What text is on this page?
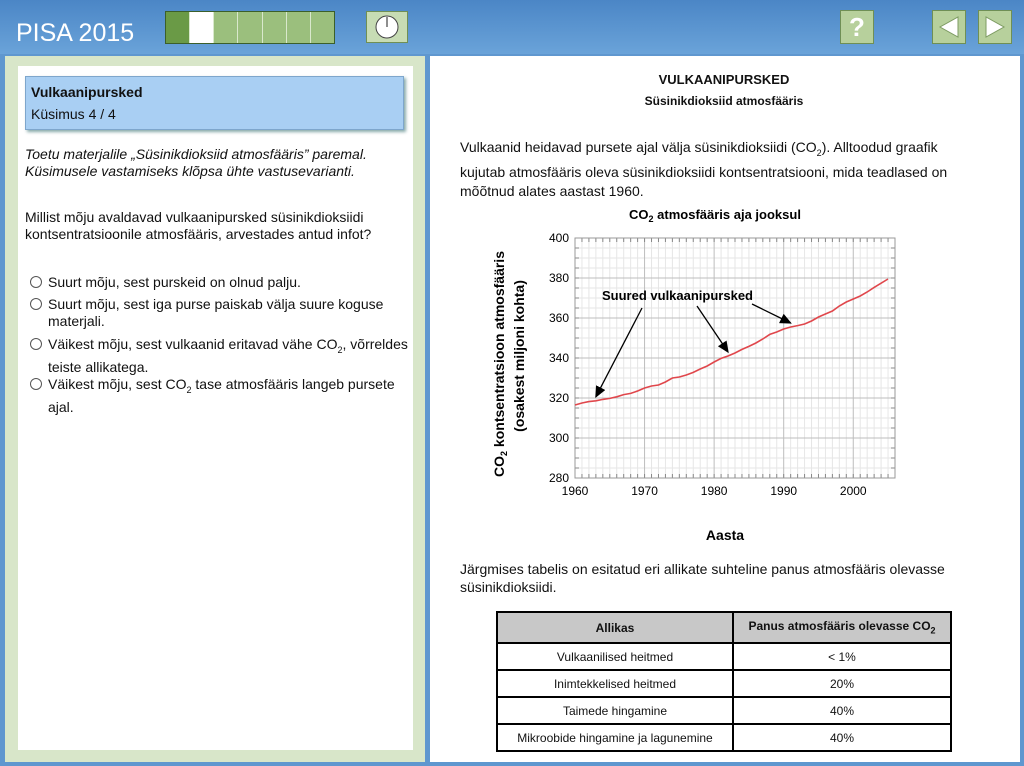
PISA 2015	?
Vulkaanipursked
Küsimus 4 / 4
Toetu materjalile „Süsinikdioksiid atmosfääris” paremal.
Küsimusele vastamiseks klõpsa ühte vastusevarianti.
Millist mõju avaldavad vulkaanipursked süsinikdioksiidi kontsentratsioonile atmosfääris, arvestades antud infot?
Suurt mõju, sest purskeid on olnud palju.
Suurt mõju, sest iga purse paiskab välja suure koguse materjali.
Väikest mõju, sest vulkaanid eritavad vähe $CO_2$, võrreldes teiste allikatega.
Väikest mõju, sest $CO_2$ tase atmosfääris langeb pursete ajal.
VULKAANIPURSKED
Süsinikdioksiid atmosfääris
Vulkaanid heidavad pursete ajal välja süsinikdioksiidi $(CO_2)$. Alltoodud graafik kujutab atmosfääris oleva süsinikdioksiidi kontsentratsiooni, mida teadlased on mõõtnud alates aastast 1960.
1960	1970	1980	1990	2000
280
300
320
340
360
380
400
$CO_2$ atmosfääris aja jooksul
Aasta
$CO_2$ kontsentratsioon atmosfääris (osakest miljoni kohta)	Suured vulkaanipursked
Järgmises tabelis on esitatud eri allikate suhteline panus atmosfääris olevasse süsinikdioksiidi.
Allikas	Panus atmosfääris olevasse $CO_2$
Vulkaanilised heitmed	< 1%
Inimtekkelised heitmed	20%
Taimede hingamine	40%
Mikroobide hingamine ja lagunemine	40%
